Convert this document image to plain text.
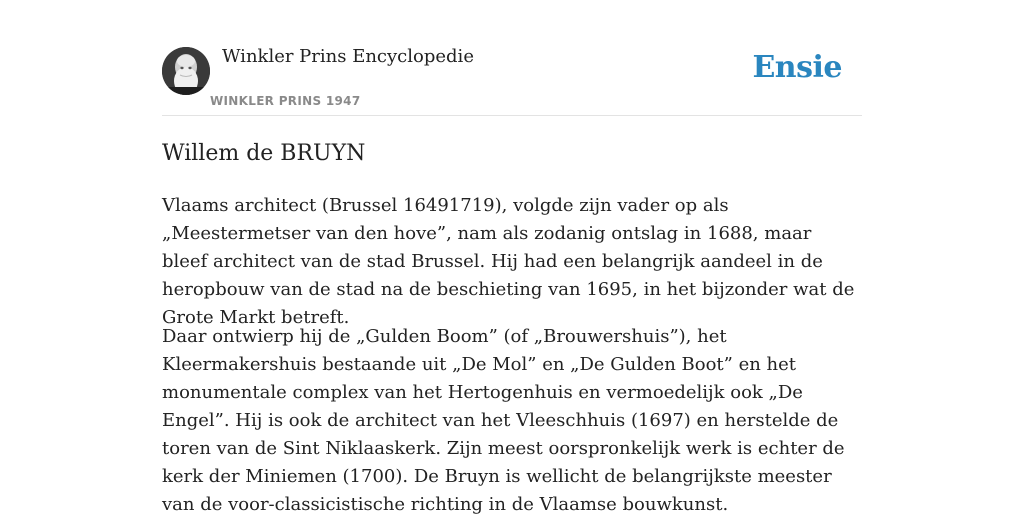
Winkler Prins Encyclopedie
WINKLER PRINS 1947
Ensie
Willem de BRUYN

Vlaams architect (Brussel 16491719), volgde zijn vader op als „Meestermetser van den hove”, nam als zodanig ontslag in 1688, maar bleef architect van de stad Brussel. Hij had een belangrijk aandeel in de heropbouw van de stad na de beschieting van 1695, in het bijzonder wat de Grote Markt betreft.

Daar ontwierp hij de „Gulden Boom” (of „Brouwershuis”), het Kleermakershuis bestaande uit „De Mol” en „De Gulden Boot” en het monumentale complex van het Hertogenhuis en vermoedelijk ook „De Engel”. Hij is ook de architect van het Vleeschhuis (1697) en herstelde de toren van de Sint Niklaaskerk. Zijn meest oorspronkelijk werk is echter de kerk der Miniemen (1700). De Bruyn is wellicht de belangrijkste meester van de voor-classicistische richting in de Vlaamse bouwkunst.
